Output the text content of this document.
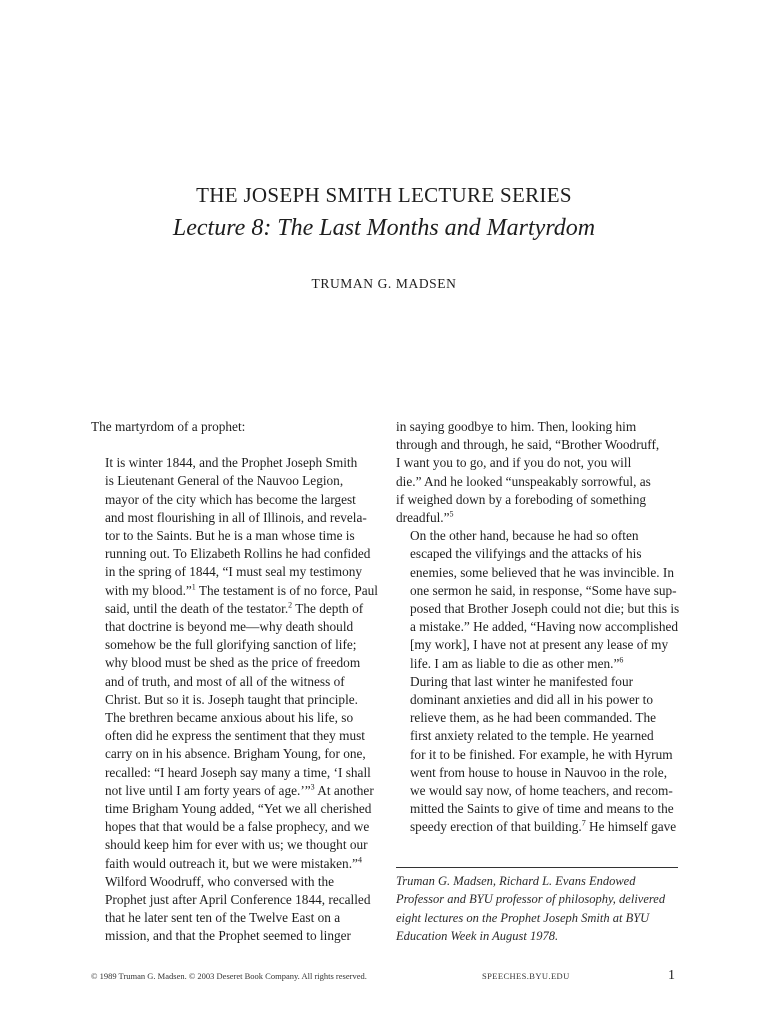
THE JOSEPH SMITH LECTURE SERIES
Lecture 8: The Last Months and Martyrdom
TRUMAN G. MADSEN

The martyrdom of a prophet:

It is winter 1844, and the Prophet Joseph Smith
is Lieutenant General of the Nauvoo Legion,
mayor of the city which has become the largest
and most flourishing in all of Illinois, and revela-
tor to the Saints. But he is a man whose time is
running out. To Elizabeth Rollins he had confided
in the spring of 1844, “I must seal my testimony
with my blood.”$^1$ The testament is of no force, Paul
said, until the death of the testator.$^2$ The depth of
that doctrine is beyond me—why death should
somehow be the full glorifying sanction of life;
why blood must be shed as the price of freedom
and of truth, and most of all of the witness of
Christ. But so it is. Joseph taught that principle.

The brethren became anxious about his life, so
often did he express the sentiment that they must
carry on in his absence. Brigham Young, for one,
recalled: “I heard Joseph say many a time, ‘I shall
not live until I am forty years of age.’”$^3$ At another
time Brigham Young added, “Yet we all cherished
hopes that that would be a false prophecy, and we
should keep him for ever with us; we thought our
faith would outreach it, but we were mistaken.”$^4$

Wilford Woodruff, who conversed with the
Prophet just after April Conference 1844, recalled
that he later sent ten of the Twelve East on a
mission, and that the Prophet seemed to linger

in saying goodbye to him. Then, looking him
through and through, he said, “Brother Woodruff,
I want you to go, and if you do not, you will
die.” And he looked “unspeakably sorrowful, as
if weighed down by a foreboding of something
dreadful.”$^5$

On the other hand, because he had so often
escaped the vilifyings and the attacks of his
enemies, some believed that he was invincible. In
one sermon he said, in response, “Some have sup-
posed that Brother Joseph could not die; but this is
a mistake.” He added, “Having now accomplished
[my work], I have not at present any lease of my
life. I am as liable to die as other men.”$^6$

During that last winter he manifested four
dominant anxieties and did all in his power to
relieve them, as he had been commanded. The
first anxiety related to the temple. He yearned
for it to be finished. For example, he with Hyrum
went from house to house in Nauvoo in the role,
we would say now, of home teachers, and recom-
mitted the Saints to give of time and means to the
speedy erection of that building.$^7$ He himself gave

Truman G. Madsen, Richard L. Evans Endowed
Professor and BYU professor of philosophy, delivered
eight lectures on the Prophet Joseph Smith at BYU
Education Week in August 1978.
© 1989 Truman G. Madsen. © 2003 Deseret Book Company. All rights reserved.	SPEECHES.BYU.EDU	1
